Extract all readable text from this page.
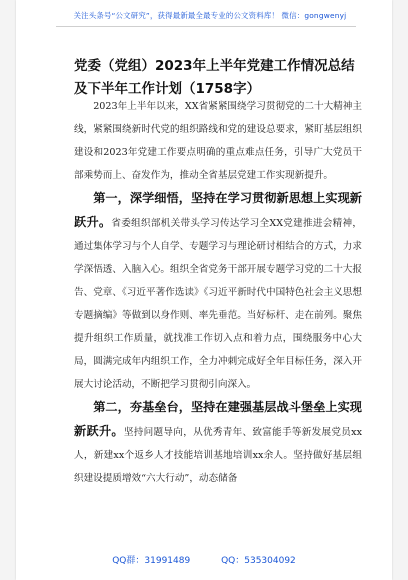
关注头条号“公文研究”，获得最新最全最专业的公文资料库！ 微信：gongwenyj
党委（党组）2023年上半年党建工作情况总结及下半年工作计划（1758字）

2023年上半年以来，XX省紧紧围绕学习贯彻党的二十大精神主线，紧紧围绕新时代党的组织路线和党的建设总要求，紧盯基层组织建设和2023年党建工作要点明确的重点难点任务，引导广大党员干部乘势而上、奋发作为，推动全省基层党建工作实现新提升。

第一，深学细悟，坚持在学习贯彻新思想上实现新跃升。省委组织部机关带头学习传达学习全XX党建推进会精神，通过集体学习与个人自学、专题学习与理论研讨相结合的方式，力求学深悟透、入脑入心。组织全省党务干部开展专题学习党的二十大报告、党章、《习近平著作选读》《习近平新时代中国特色社会主义思想专题摘编》等做到以身作则、率先垂范。当好标杆、走在前列。聚焦提升组织工作质量，就找准工作切入点和着力点，围绕服务中心大局，圆满完成年内组织工作，全力冲刺完成好全年目标任务，深入开展大讨论活动，不断把学习贯彻引向深入。

第二，夯基垒台，坚持在建强基层战斗堡垒上实现新跃升。坚持问题导向，从优秀青年、致富能手等新发展党员xx人，新建xx个返乡人才技能培训基地培训xx余人。坚持做好基层组织建设提质增效“六大行动”，动态储备

QQ群：31991489	QQ：535304092
